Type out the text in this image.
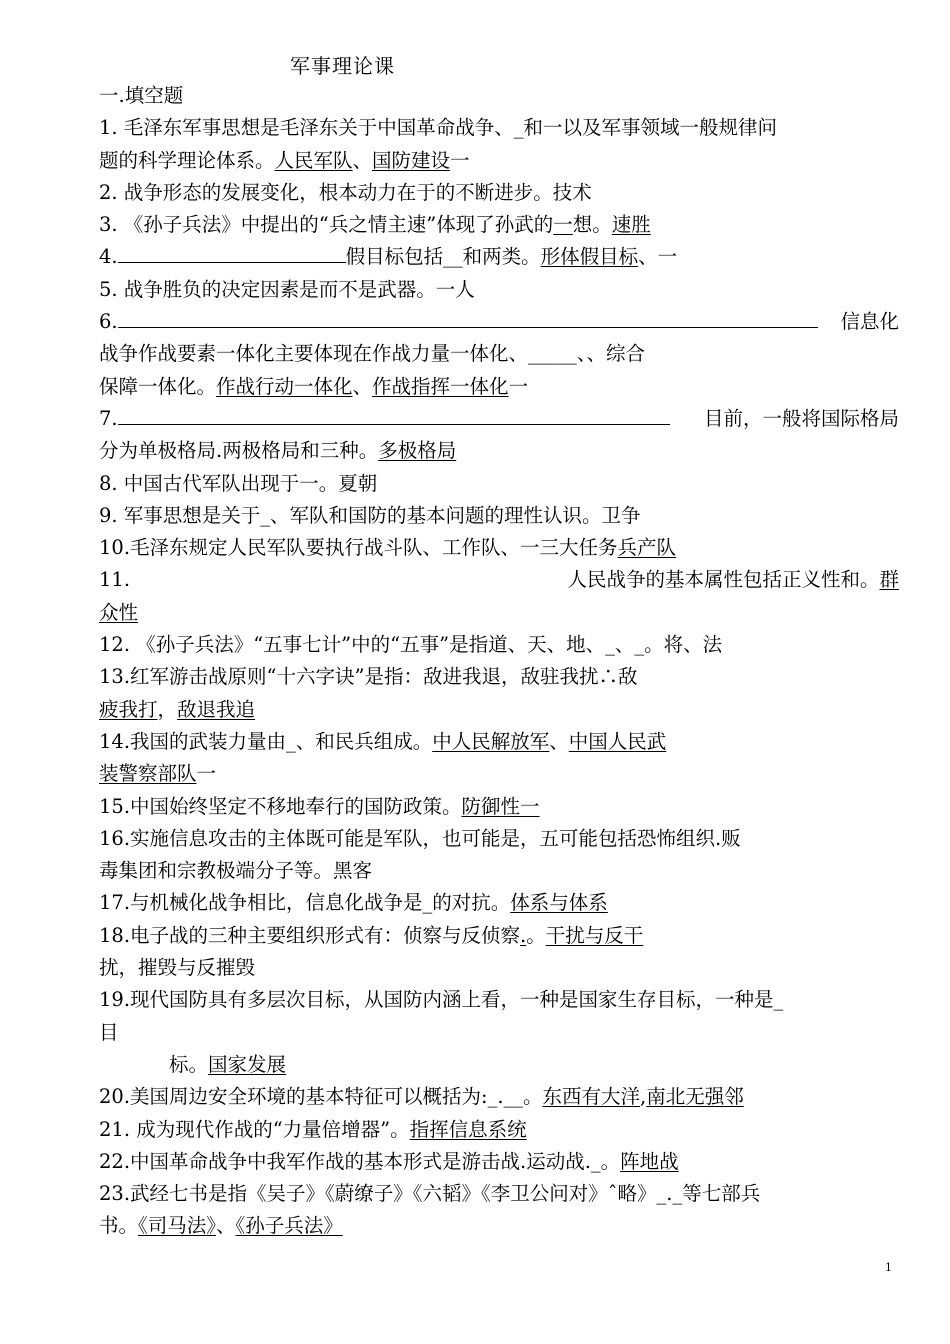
军事理论课
一.填空题
1. 毛泽东军事思想是毛泽东关于中国革命战争、_和一以及军事领域一般规律问
题的科学理论体系。人民军队、国防建设一
2. 战争形态的发展变化，根本动力在于的不断进步。技术
3. 《孙子兵法》中提出的“兵之情主速”体现了孙武的一想。速胜
4.	假目标包括__和两类。形体假目标、一
5. 战争胜负的决定因素是而不是武器。一人
信息化
6.
战争作战要素一体化主要体现在作战力量一体化、_____、、综合
保障一体化。作战行动一体化、作战指挥一体化一
目前，一般将国际格局
7.
分为单极格局.两极格局和三种。多极格局
8. 中国古代军队出现于一。夏朝
9. 军事思想是关于_、军队和国防的基本问题的理性认识。卫争
10.毛泽东规定人民军队要执行战斗队、工作队、一三大任务兵产队
人民战争的基本属性包括正义性和。群
11.
众性
12. 《孙子兵法》“五事七计”中的“五事”是指道、天、地、_、_。将、法
13.红军游击战原则“十六字诀”是指：敌进我退，敌驻我扰∴敌
疲我打，敌退我追
14.我国的武装力量由_、和民兵组成。中人民解放军、中国人民武
装警察部队一
15.中国始终坚定不移地奉行的国防政策。防御性一
16.实施信息攻击的主体既可能是军队，也可能是，五可能包括恐怖组织.贩
毒集团和宗教极端分子等。黑客
17.与机械化战争相比，信息化战争是_的对抗。体系与体系
18.电子战的三种主要组织形式有：侦察与反侦察.。干扰与反干
扰，摧毁与反摧毁
19.现代国防具有多层次目标，从国防内涵上看，一种是国家生存目标，一种是_
目
标。国家发展
20.美国周边安全环境的基本特征可以概括为:_.__。东西有大洋,南北无强邻
21. 成为现代作战的“力量倍增器”。指挥信息系统
22.中国革命战争中我军作战的基本形式是游击战.运动战._。阵地战
23.武经七书是指《吴子》《蔚缭子》《六韬》《李卫公问对》ˆ略》_._等七部兵
书。《司马法》、《孙子兵法》
1
